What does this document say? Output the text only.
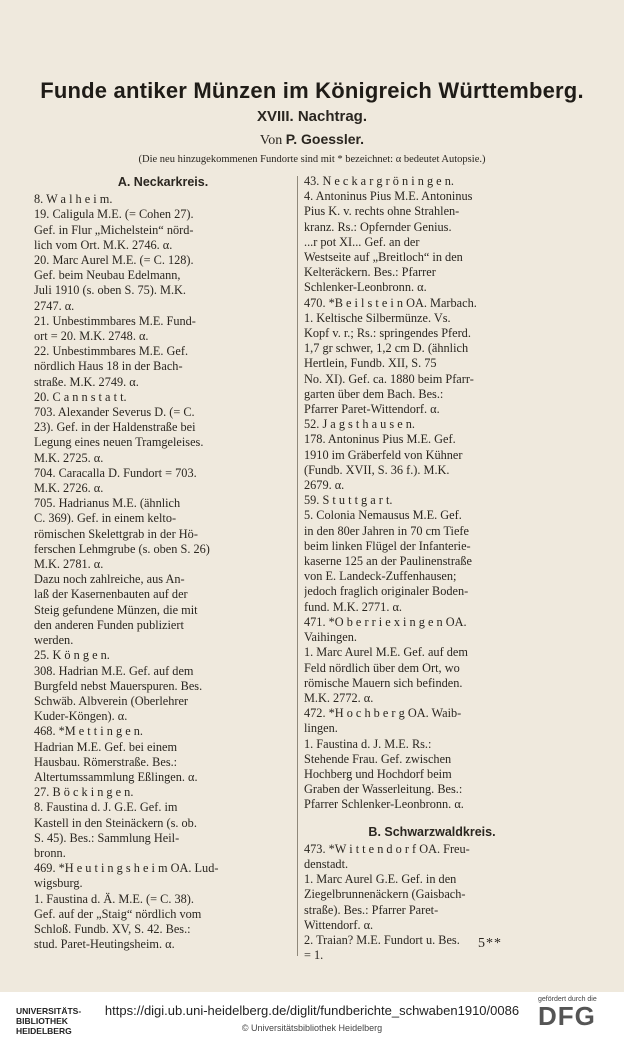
Funde antiker Münzen im Königreich Württemberg.
XVIII. Nachtrag.
Von P. Goessler.
(Die neu hinzugekommenen Fundorte sind mit * bezeichnet: α bedeutet Autopsie.)
A. Neckarkreis.
8. W a l h e i m.
19. Caligula M.E. (= Cohen 27).
Gef. in Flur „Michelstein“ nörd-
lich vom Ort. M.K. 2746. α.
20. Marc Aurel M.E. (= C. 128).
Gef. beim Neubau Edelmann,
Juli 1910 (s. oben S. 75). M.K.
2747. α.
21. Unbestimmbares M.E. Fund-
ort = 20. M.K. 2748. α.
22. Unbestimmbares M.E. Gef.
nördlich Haus 18 in der Bach-
straße. M.K. 2749. α.
20. C a n n s t a t t.
703. Alexander Severus D. (= C.
23). Gef. in der Haldenstraße bei
Legung eines neuen Tramgeleises.
M.K. 2725. α.
704. Caracalla D. Fundort = 703.
M.K. 2726. α.
705. Hadrianus M.E. (ähnlich
C. 369). Gef. in einem kelto-
römischen Skelettgrab in der Hö-
ferschen Lehmgrube (s. oben S. 26)
M.K. 2781. α.
Dazu noch zahlreiche, aus An-
laß der Kasernenbauten auf der
Steig gefundene Münzen, die mit
den anderen Funden publiziert
werden.
25. K ö n g e n.
308. Hadrian M.E. Gef. auf dem
Burgfeld nebst Mauerspuren. Bes.
Schwäb. Albverein (Oberlehrer
Kuder-Köngen). α.
468. *M e t t i n g e n.
Hadrian M.E. Gef. bei einem
Hausbau. Römerstraße. Bes.:
Altertumssammlung Eßlingen. α.
27. B ö c k i n g e n.
8. Faustina d. J. G.E. Gef. im
Kastell in den Steinäckern (s. ob.
S. 45). Bes.: Sammlung Heil-
bronn.
469. *H e u t i n g s h e i m OA. Lud-
wigsburg.
1. Faustina d. Ä. M.E. (= C. 38).
Gef. auf der „Staig“ nördlich vom
Schloß. Fundb. XV, S. 42. Bes.:
stud. Paret-Heutingsheim. α.
43. N e c k a r g r ö n i n g e n.
4. Antoninus Pius M.E. Antoninus
Pius K. v. rechts ohne Strahlen-
kranz. Rs.: Opfernder Genius.
...r pot XI... Gef. an der
Westseite auf „Breitloch“ in den
Kelteräckern. Bes.: Pfarrer
Schlenker-Leonbronn. α.
470. *B e i l s t e i n OA. Marbach.
1. Keltische Silbermünze. Vs.
Kopf v. r.; Rs.: springendes Pferd.
1,7 gr schwer, 1,2 cm D. (ähnlich
Hertlein, Fundb. XII, S. 75
No. XI). Gef. ca. 1880 beim Pfarr-
garten über dem Bach. Bes.:
Pfarrer Paret-Wittendorf. α.
52. J a g s t h a u s e n.
178. Antoninus Pius M.E. Gef.
1910 im Gräberfeld von Kühner
(Fundb. XVII, S. 36 f.). M.K.
2679. α.
59. S t u t t g a r t.
5. Colonia Nemausus M.E. Gef.
in den 80er Jahren in 70 cm Tiefe
beim linken Flügel der Infanterie-
kaserne 125 an der Paulinenstraße
von E. Landeck-Zuffenhausen;
jedoch fraglich originaler Boden-
fund. M.K. 2771. α.
471. *O b e r r i e x i n g e n OA.
Vaihingen.
1. Marc Aurel M.E. Gef. auf dem
Feld nördlich über dem Ort, wo
römische Mauern sich befinden.
M.K. 2772. α.
472. *H o c h b e r g OA. Waib-
lingen.
1. Faustina d. J. M.E. Rs.:
Stehende Frau. Gef. zwischen
Hochberg und Hochdorf beim
Graben der Wasserleitung. Bes.:
Pfarrer Schlenker-Leonbronn. α.
B. Schwarzwaldkreis.
473. *W i t t e n d o r f OA. Freu-
denstadt.
1. Marc Aurel G.E. Gef. in den
Ziegelbrunnenäckern (Gaisbach-
straße). Bes.: Pfarrer Paret-
Wittendorf. α.
2. Traian? M.E. Fundort u. Bes.
= 1.
5**
UNIVERSITÄTS-
BIBLIOTHEK
HEIDELBERG
https://digi.ub.uni-heidelberg.de/diglit/fundberichte_schwaben1910/0086
© Universitätsbibliothek Heidelberg
gefördert durch die
DFG
